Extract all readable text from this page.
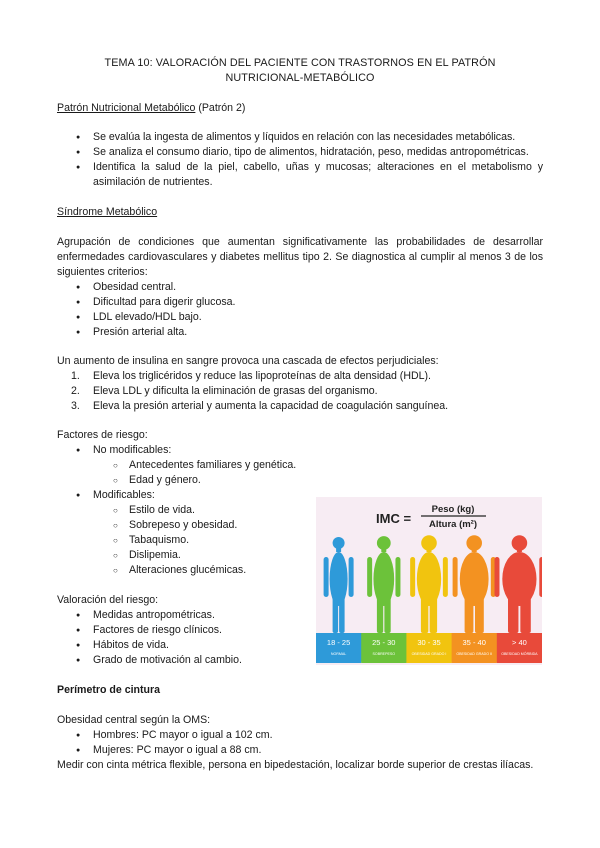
TEMA 10: VALORACIÓN DEL PACIENTE CON TRASTORNOS EN EL PATRÓN
NUTRICIONAL-METABÓLICO

Patrón Nutricional Metabólico (Patrón 2)

● Se evalúa la ingesta de alimentos y líquidos en relación con las necesidades metabólicas.
● Se analiza el consumo diario, tipo de alimentos, hidratación, peso, medidas antropométricas.
● Identifica la salud de la piel, cabello, uñas y mucosas; alteraciones en el metabolismo y asimilación de nutrientes.

Síndrome Metabólico

Agrupación de condiciones que aumentan significativamente las probabilidades de desarrollar enfermedades cardiovasculares y diabetes mellitus tipo 2. Se diagnostica al cumplir al menos 3 de los siguientes criterios:

● Obesidad central.
● Dificultad para digerir glucosa.
● LDL elevado/HDL bajo.
● Presión arterial alta.

Un aumento de insulina en sangre provoca una cascada de efectos perjudiciales:

1. Eleva los triglicéridos y reduce las lipoproteínas de alta densidad (HDL).
2. Eleva LDL y dificulta la eliminación de grasas del organismo.
3. Eleva la presión arterial y aumenta la capacidad de coagulación sanguínea.

Factores de riesgo:

● No modificables:
○ Antecedentes familiares y genética.
○ Edad y género.
● Modificables:
○ Estilo de vida.
○ Sobrepeso y obesidad.
○ Tabaquismo.
○ Dislipemia.
○ Alteraciones glucémicas.

Valoración del riesgo:

● Medidas antropométricas.
● Factores de riesgo clínicos.
● Hábitos de vida.
● Grado de motivación al cambio.

Perímetro de cintura

Obesidad central según la OMS:

● Hombres: PC mayor o igual a 102 cm.
● Mujeres: PC mayor o igual a 88 cm.

Medir con cinta métrica flexible, persona en bipedestación, localizar borde superior de crestas ilíacas.

IMC =
Peso (kg)
Altura (m²)
18 - 25
NORMAL
25 - 30
SOBREPESO
30 - 35
OBESIDAD GRADO I
35 - 40
OBESIDAD GRADO II
> 40
OBESIDAD MÓRBIDA
